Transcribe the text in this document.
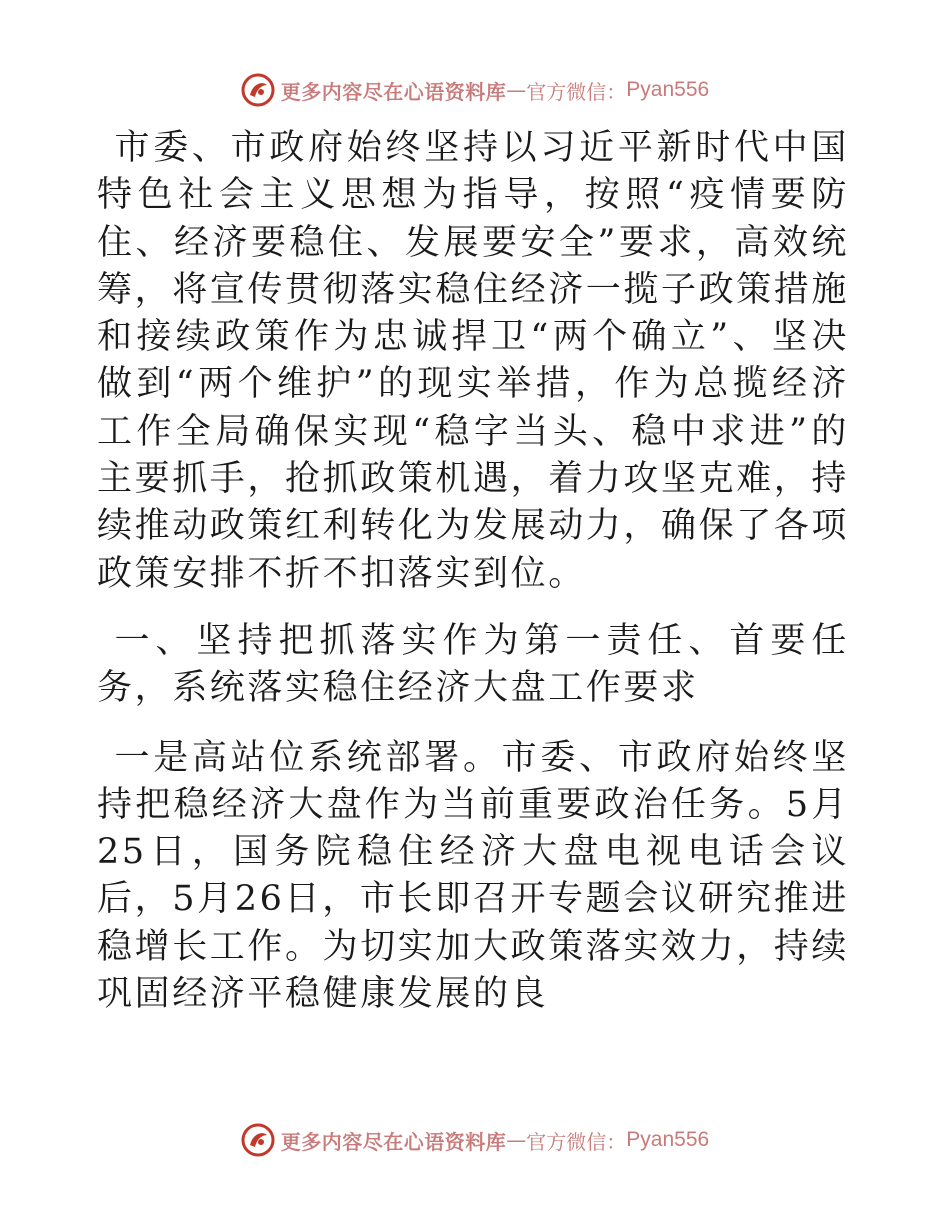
更多内容尽在心语资料库 — 官方微信： Pyan556

市委、市政府始终坚持以习近平新时代中国特色社会主义思想为指导，按照“疫情要防住、经济要稳住、发展要安全”要求，高效统筹，将宣传贯彻落实稳住经济一揽子政策措施和接续政策作为忠诚捍卫“两个确立”、坚决做到“两个维护”的现实举措，作为总揽经济工作全局确保实现“稳字当头、稳中求进”的主要抓手，抢抓政策机遇，着力攻坚克难，持续推动政策红利转化为发展动力，确保了各项政策安排不折不扣落实到位。

一、坚持把抓落实作为第一责任、首要任务，系统落实稳住经济大盘工作要求

一是高站位系统部署。市委、市政府始终坚持把稳经济大盘作为当前重要政治任务。5月25日，国务院稳住经济大盘电视电话会议后，5月26日，市长即召开专题会议研究推进稳增长工作。为切实加大政策落实效力，持续巩固经济平稳健康发展的良

更多内容尽在心语资料库 — 官方微信： Pyan556
